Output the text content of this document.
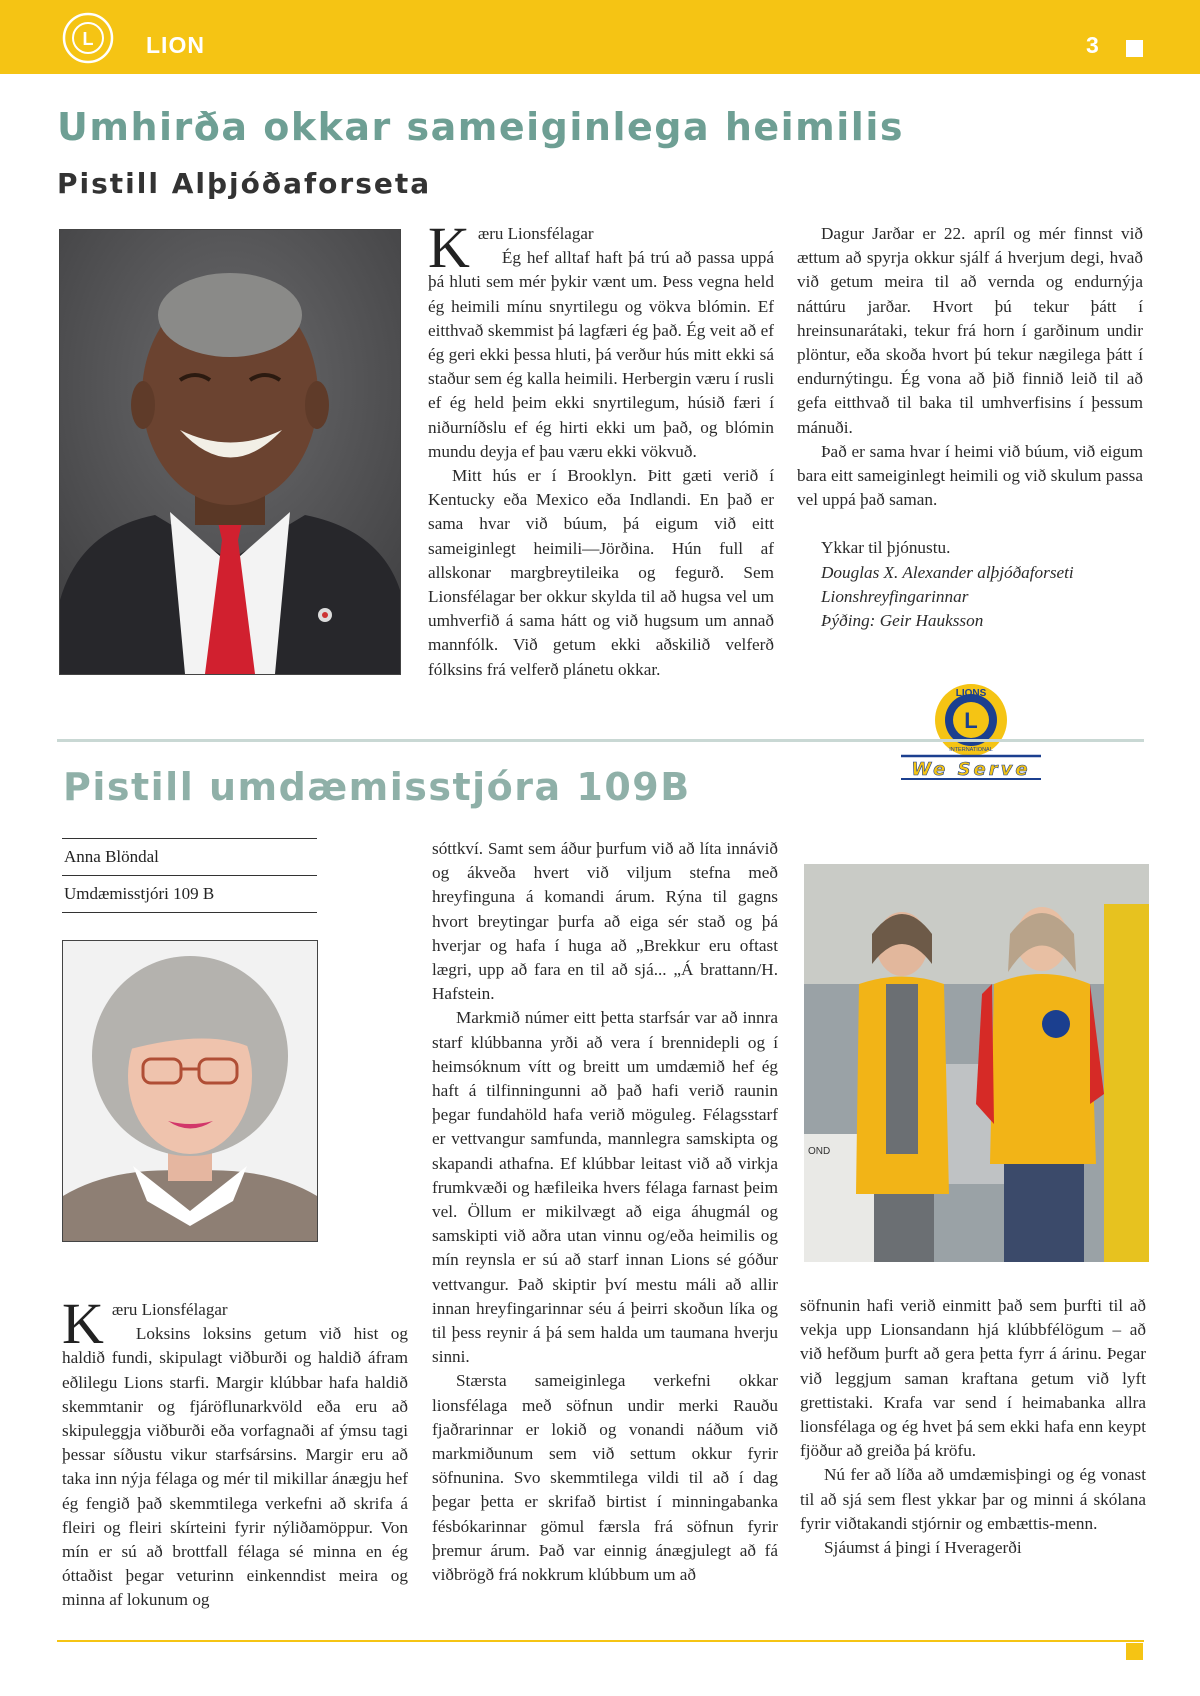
L LION	3
Umhirða okkar sameiginlega heimilis
Pistill Alþjóðaforseta
K æru Lionsfélagar

Ég hef alltaf haft þá trú að passa uppá þá hluti sem mér þykir vænt um. Þess vegna held ég heimili mínu snyrtilegu og vökva blómin. Ef eitthvað skemmist þá lagfæri ég það. Ég veit að ef ég geri ekki þessa hluti, þá verður hús mitt ekki sá staður sem ég kalla heimili. Herbergin væru í rusli ef ég held þeim ekki snyrtilegum, húsið færi í niðurníðslu ef ég hirti ekki um það, og blómin mundu deyja ef þau væru ekki vökvuð.

Mitt hús er í Brooklyn. Þitt gæti verið í Kentucky eða Mexico eða Indlandi. En það er sama hvar við búum, þá eigum við eitt sameiginlegt heimili—Jörðina. Hún full af allskonar margbreytileika og fegurð. Sem Lionsfélagar ber okkur skylda til að hugsa vel um umhverfið á sama hátt og við hugsum um annað mannfólk. Við getum ekki aðskilið velferð fólksins frá velferð plánetu okkar.

Dagur Jarðar er 22. apríl og mér finnst við ættum að spyrja okkur sjálf á hverjum degi, hvað við getum meira til að vernda og endurnýja náttúru jarðar. Hvort þú tekur þátt í hreinsunarátaki, tekur frá horn í garðinum undir plöntur, eða skoða hvort þú tekur nægilega þátt í endurnýtingu. Ég vona að þið finnið leið til að gefa eitthvað til baka til umhverfisins í þessum mánuði.

Það er sama hvar í heimi við búum, við eigum bara eitt sameiginlegt heimili og við skulum passa vel uppá það saman.

Ykkar til þjónustu.

Douglas X. Alexander alþjóðaforseti

Lionshreyfingarinnar

Þýðing: Geir Hauksson

L
LIONS
INTERNATIONAL
We Serve
Pistill umdæmisstjóra 109B
Anna Blöndal
Umdæmisstjóri 109 B
K æru Lionsfélagar

Loksins loksins getum við hist og haldið fundi, skipulagt viðburði og haldið áfram eðlilegu Lions starfi. Margir klúbbar hafa haldið skemmtanir og fjáröflunarkvöld eða eru að skipuleggja viðburði eða vorfagnaði af ýmsu tagi þessar síðustu vikur starfsársins. Margir eru að taka inn nýja félaga og mér til mikillar ánægju hef ég fengið það skemmtilega verkefni að skrifa á fleiri og fleiri skírteini fyrir nýliðamöppur. Von mín er sú að brottfall félaga sé minna en ég óttaðist þegar veturinn einkenndist meira og minna af lokunum og

sóttkví. Samt sem áður þurfum við að líta innávið og ákveða hvert við viljum stefna með hreyfinguna á komandi árum. Rýna til gagns hvort breytingar þurfa að eiga sér stað og þá hverjar og hafa í huga að „Brekkur eru oftast lægri, upp að fara en til að sjá... „Á brattann/H. Hafstein.

Markmið númer eitt þetta starfsár var að innra starf klúbbanna yrði að vera í brennidepli og í heimsóknum vítt og breitt um umdæmið hef ég haft á tilfinningunni að það hafi verið raunin þegar fundahöld hafa verið möguleg. Félagsstarf er vettvangur samfunda, mannlegra samskipta og skapandi athafna. Ef klúbbar leitast við að virkja frumkvæði og hæfileika hvers félaga farnast þeim vel. Öllum er mikilvægt að eiga áhugmál og samskipti við aðra utan vinnu og/eða heimilis og mín reynsla er sú að starf innan Lions sé góður vettvangur. Það skiptir því mestu máli að allir innan hreyfingarinnar séu á þeirri skoðun líka og til þess reynir á þá sem halda um taumana hverju sinni.

Stærsta sameiginlega verkefni okkar lionsfélaga með söfnun undir merki Rauðu fjaðrarinnar er lokið og vonandi náðum við markmiðunum sem við settum okkur fyrir söfnunina. Svo skemmtilega vildi til að í dag þegar þetta er skrifað birtist í minningabanka fésbókarinnar gömul færsla frá söfnun fyrir þremur árum. Það var einnig ánægjulegt að fá viðbrögð frá nokkrum klúbbum um að

OND

söfnunin hafi verið einmitt það sem þurfti til að vekja upp Lionsandann hjá klúbbfélögum – að við hefðum þurft að gera þetta fyrr á árinu. Þegar við leggjum saman kraftana getum við lyft grettistaki. Krafa var send í heimabanka allra lionsfélaga og ég hvet þá sem ekki hafa enn keypt fjöður að greiða þá kröfu.

Nú fer að líða að umdæmisþingi og ég vonast til að sjá sem flest ykkar þar og minni á skólana fyrir viðtakandi stjórnir og embættis-menn.

Sjáumst á þingi í Hveragerði
